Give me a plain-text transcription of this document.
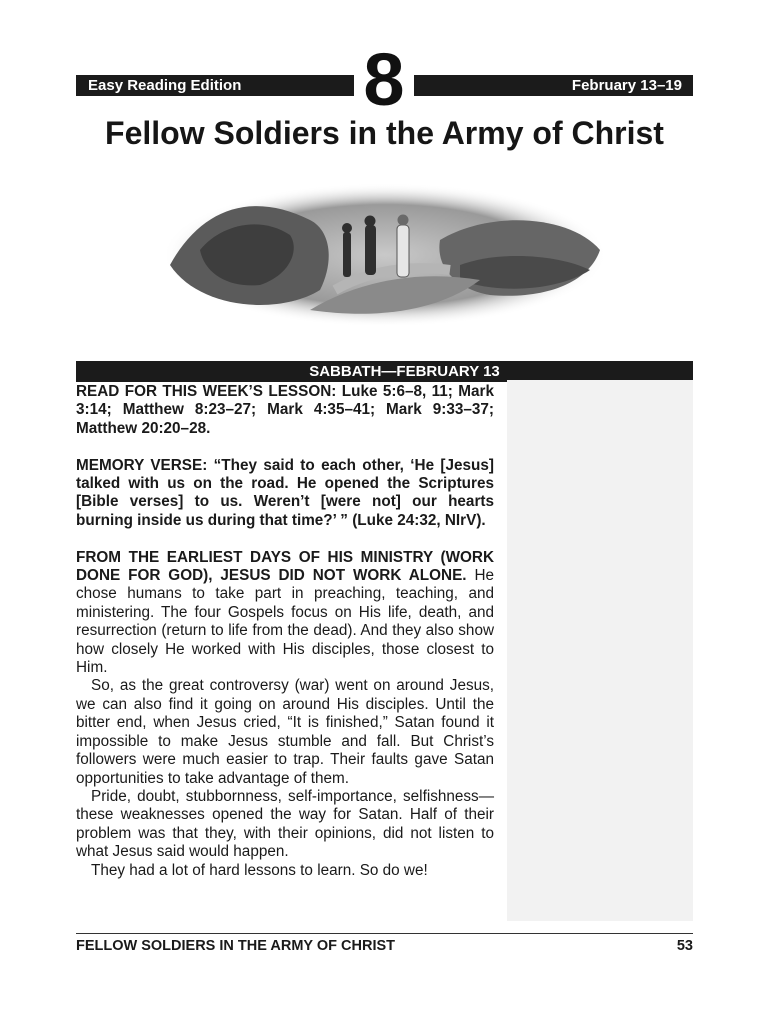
Easy Reading Edition	8	February 13–19
Fellow Soldiers in the Army of Christ
SABBATH—FEBRUARY 13

READ FOR THIS WEEK’S LESSON: Luke 5:6–8, 11; Mark 3:14; Matthew 8:23–27; Mark 4:35–41; Mark 9:33–37; Matthew 20:20–28.

MEMORY VERSE: “They said to each other, ‘He [Jesus] talked with us on the road. He opened the Scriptures [Bible verses] to us. Weren’t [were not] our hearts burning inside us during that time?’ ” (Luke 24:32, NIrV).

FROM THE EARLIEST DAYS OF HIS MINISTRY (WORK DONE FOR GOD), JESUS DID NOT WORK ALONE. He chose humans to take part in preaching, teaching, and ministering. The four Gospels focus on His life, death, and resurrection (return to life from the dead). And they also show how closely He worked with His disciples, those closest to Him.

So, as the great controversy (war) went on around Jesus, we can also find it going on around His disciples. Until the bitter end, when Jesus cried, “It is finished,” Satan found it impossible to make Jesus stumble and fall. But Christ’s followers were much easier to trap. Their faults gave Satan opportunities to take advantage of them.

Pride, doubt, stubbornness, self-importance, selfishness—these weaknesses opened the way for Satan. Half of their problem was that they, with their opinions, did not listen to what Jesus said would happen.

They had a lot of hard lessons to learn. So do we!

FELLOW SOLDIERS IN THE ARMY OF CHRIST	53
